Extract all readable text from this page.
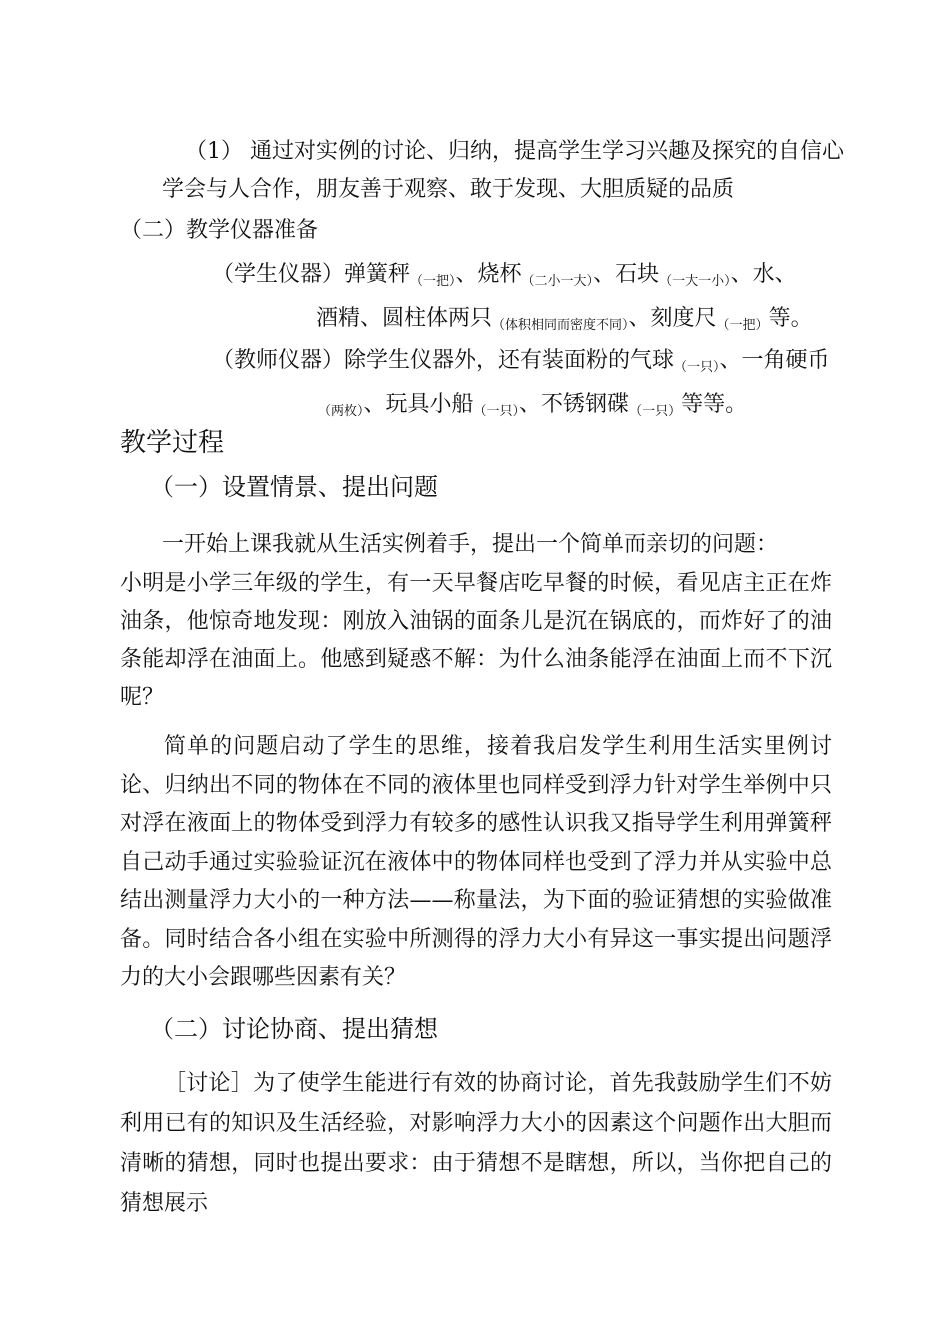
（1） 通过对实例的讨论、归纳，提高学生学习兴趣及探究的自信心
学会与人合作，朋友善于观察、敢于发现、大胆质疑的品质
（二）教学仪器准备
（学生仪器）弹簧秤（一把）、烧杯（二小一大）、石块（一大一小）、水、
酒精、圆柱体两只（体积相同而密度不同）、刻度尺（一把）等。
（教师仪器）除学生仪器外，还有装面粉的气球（一只）、一角硬币
（两枚）、玩具小船（一只）、不锈钢碟（一只）等等。
教学过程
（一）设置情景、提出问题
一开始上课我就从生活实例着手，提出一个简单而亲切的问题：
小明是小学三年级的学生，有一天早餐店吃早餐的时候，看见店主正在炸油条，他惊奇地发现：刚放入油锅的面条儿是沉在锅底的，而炸好了的油条能却浮在油面上。他感到疑惑不解：为什么油条能浮在油面上而不下沉呢？
简单的问题启动了学生的思维，接着我启发学生利用生活实里例讨论、归纳出不同的物体在不同的液体里也同样受到浮力针对学生举例中只对浮在液面上的物体受到浮力有较多的感性认识我又指导学生利用弹簧秤自己动手通过实验验证沉在液体中的物体同样也受到了浮力并从实验中总结出测量浮力大小的一种方法——称量法，为下面的验证猜想的实验做准备。同时结合各小组在实验中所测得的浮力大小有异这一事实提出问题浮力的大小会跟哪些因素有关？
（二）讨论协商、提出猜想
［讨论］为了使学生能进行有效的协商讨论，首先我鼓励学生们不妨利用已有的知识及生活经验，对影响浮力大小的因素这个问题作出大胆而清晰的猜想，同时也提出要求：由于猜想不是瞎想，所以，当你把自己的猜想展示
